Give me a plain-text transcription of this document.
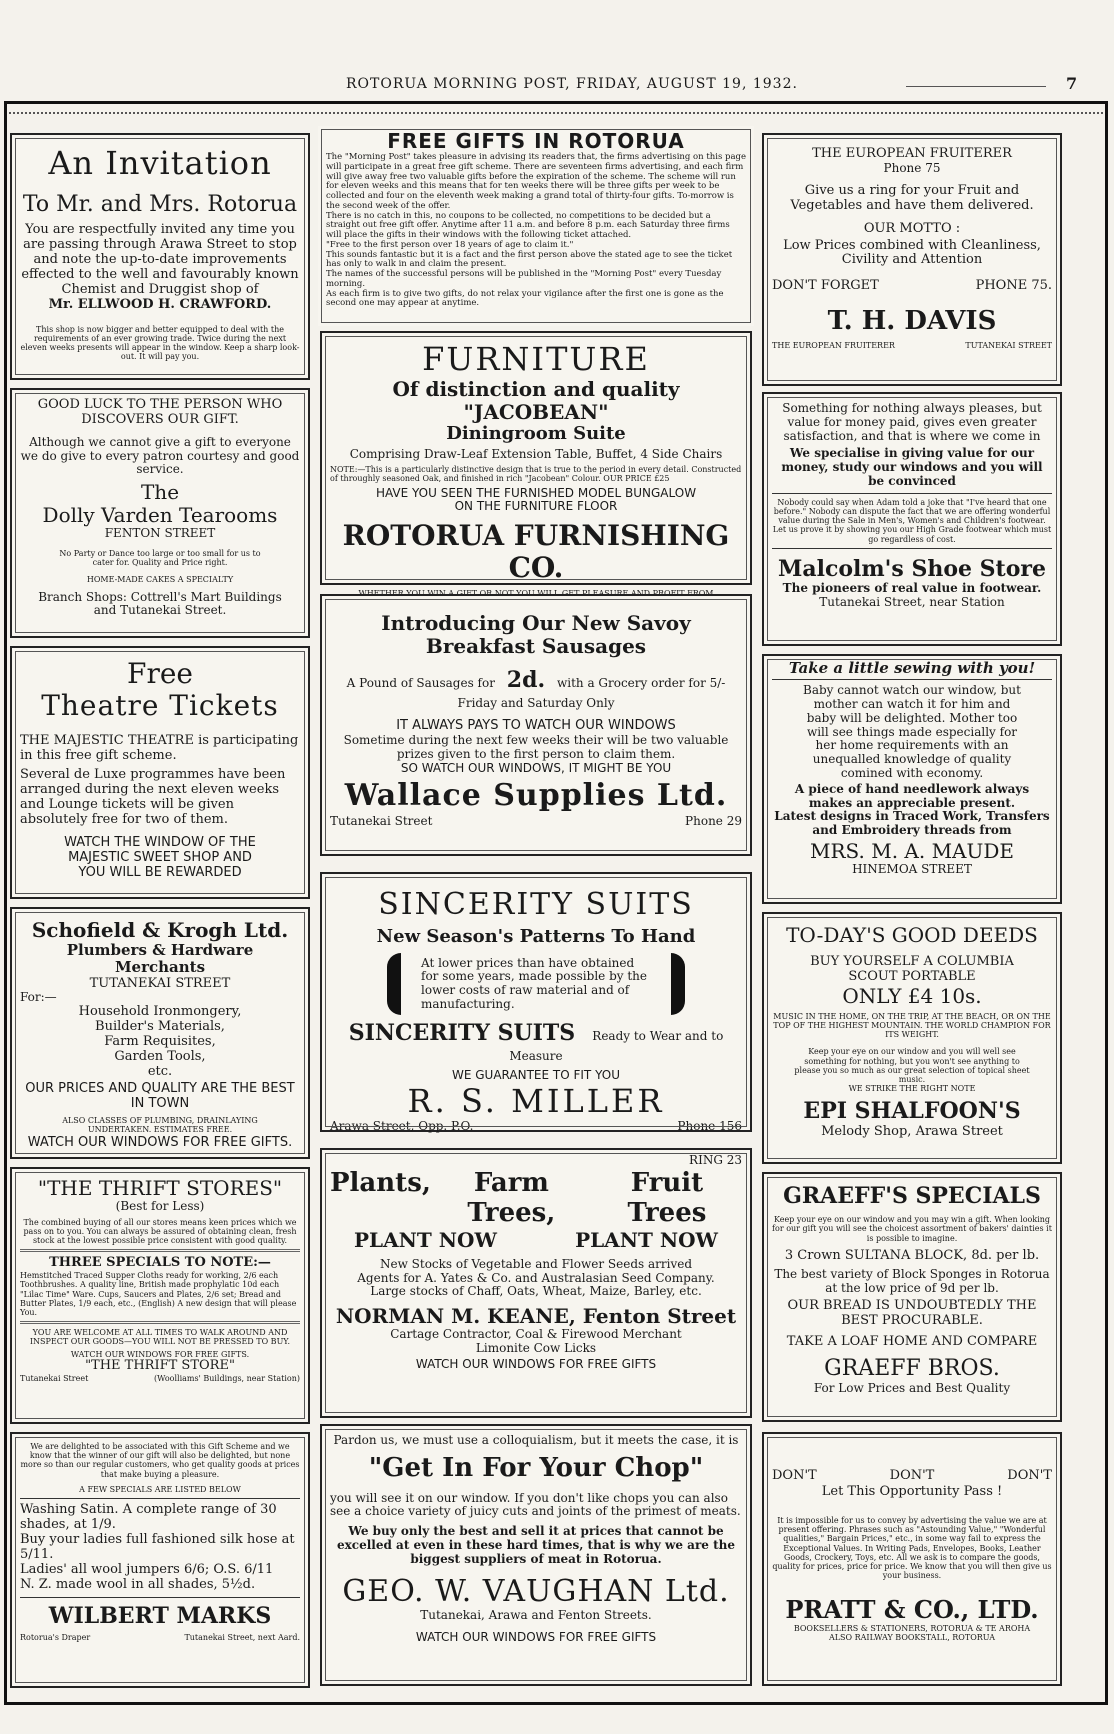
ROTORUA MORNING POST, FRIDAY, AUGUST 19, 1932.	7
An Invitation
To Mr. and Mrs. Rotorua
You are respectfully invited any time you are passing through Arawa Street to stop and note the up-to-date improvements effected to the well and favourably known Chemist and Druggist shop of
Mr. ELLWOOD H. CRAWFORD.
This shop is now bigger and better equipped to deal with the requirements of an ever growing trade. Twice during the next eleven weeks presents will appear in the window. Keep a sharp look-out. It will pay you.
GOOD LUCK TO THE PERSON WHO
DISCOVERS OUR GIFT.
Although we cannot give a gift to everyone we do give to every patron courtesy and good service.
The
Dolly Varden Tearooms
FENTON STREET
No Party or Dance too large or too small for us to cater for. Quality and Price right.
HOME-MADE CAKES A SPECIALTY
Branch Shops: Cottrell's Mart Buildings
and Tutanekai Street.
Free
Theatre Tickets
THE MAJESTIC THEATRE is participating in this free gift scheme.
Several de Luxe programmes have been arranged during the next eleven weeks and Lounge tickets will be given absolutely free for two of them.
WATCH THE WINDOW OF THE
MAJESTIC SWEET SHOP AND
YOU WILL BE REWARDED
Schofield & Krogh Ltd.
Plumbers & Hardware Merchants
TUTANEKAI STREET
For:—
Household Ironmongery,
Builder's Materials,
Farm Requisites,
Garden Tools,
etc.
OUR PRICES AND QUALITY ARE THE BEST IN TOWN
ALSO CLASSES OF PLUMBING, DRAINLAYING UNDERTAKEN. ESTIMATES FREE.
WATCH OUR WINDOWS FOR FREE GIFTS.
"THE THRIFT STORES"
(Best for Less)
The combined buying of all our stores means keen prices which we pass on to you. You can always be assured of obtaining clean, fresh stock at the lowest possible price consistent with good quality.
THREE SPECIALS TO NOTE:—
Hemstitched Traced Supper Cloths ready for working, 2/6 each Toothbrushes. A quality line, British made prophylatic 10d each "Lilac Time" Ware. Cups, Saucers and Plates, 2/6 set; Bread and Butter Plates, 1/9 each, etc., (English) A new design that will please You.
YOU ARE WELCOME AT ALL TIMES TO WALK AROUND AND INSPECT OUR GOODS—YOU WILL NOT BE PRESSED TO BUY.
WATCH OUR WINDOWS FOR FREE GIFTS.
"THE THRIFT STORE"
Tutanekai Street	(Woolliams' Buildings, near Station)
We are delighted to be associated with this Gift Scheme and we know that the winner of our gift will also be delighted, but none more so than our regular customers, who get quality goods at prices that make buying a pleasure.
A FEW SPECIALS ARE LISTED BELOW
Washing Satin. A complete range of 30 shades, at 1/9.
Buy your ladies full fashioned silk hose at 5/11.
Ladies' all wool jumpers 6/6; O.S. 6/11
N. Z. made wool in all shades, 5½d.
WILBERT MARKS
Rotorua's Draper	Tutanekai Street, next Aard.
FREE GIFTS IN ROTORUA
The "Morning Post" takes pleasure in advising its readers that, the firms advertising on this page will participate in a great free gift scheme. There are seventeen firms advertising, and each firm will give away free two valuable gifts before the expiration of the scheme. The scheme will run for eleven weeks and this means that for ten weeks there will be three gifts per week to be collected and four on the eleventh week making a grand total of thirty-four gifts. To-morrow is the second week of the offer.
There is no catch in this, no coupons to be collected, no competitions to be decided but a straight out free gift offer. Anytime after 11 a.m. and before 8 p.m. each Saturday three firms will place the gifts in their windows with the following ticket attached.
"Free to the first person over 18 years of age to claim it."
This sounds fantastic but it is a fact and the first person above the stated age to see the ticket has only to walk in and claim the present.
The names of the successful persons will be published in the "Morning Post" every Tuesday morning.
As each firm is to give two gifts, do not relax your vigilance after the first one is gone as the second one may appear at anytime.
FURNITURE
Of distinction and quality "JACOBEAN"
Diningroom Suite
Comprising Draw-Leaf Extension Table, Buffet, 4 Side Chairs
NOTE:—This is a particularly distinctive design that is true to the period in every detail. Constructed of throughly seasoned Oak, and finished in rich "Jacobean" Colour. OUR PRICE £25
HAVE YOU SEEN THE FURNISHED MODEL BUNGALOW
ON THE FURNITURE FLOOR
ROTORUA FURNISHING CO.
Introducing Our New Savoy
Breakfast Sausages
A Pound of Sausages for 2d. with a Grocery order for 5/-
Friday and Saturday Only
IT ALWAYS PAYS TO WATCH OUR WINDOWS
Sometime during the next few weeks their will be two valuable prizes given to the first person to claim them.
SO WATCH OUR WINDOWS, IT MIGHT BE YOU
Wallace Supplies Ltd.
Tutanekai Street	Phone 29
SINCERITY SUITS
New Season's Patterns To Hand
At lower prices than have obtained for some years, made possible by the lower costs of raw material and of manufacturing.
SINCERITY SUITS Ready to Wear and to Measure
WE GUARANTEE TO FIT YOU
R. S. MILLER
Arawa Street, Opp. P.O.	Phone 156
RING 23
Plants,	Farm Trees,
Fruit Trees
PLANT NOW	PLANT NOW
New Stocks of Vegetable and Flower Seeds arrived
Agents for A. Yates & Co. and Australasian Seed Company.
Large stocks of Chaff, Oats, Wheat, Maize, Barley, etc.
NORMAN M. KEANE, Fenton Street
Cartage Contractor, Coal & Firewood Merchant
Limonite Cow Licks
WATCH OUR WINDOWS FOR FREE GIFTS
Pardon us, we must use a colloquialism, but it meets the case, it is
"Get In For Your Chop"
you will see it on our window. If you don't like chops you can also see a choice variety of juicy cuts and joints of the primest of meats.
We buy only the best and sell it at prices that cannot be excelled at even in these hard times, that is why we are the biggest suppliers of meat in Rotorua.
GEO. W. VAUGHAN Ltd.
Tutanekai, Arawa and Fenton Streets.
WATCH OUR WINDOWS FOR FREE GIFTS
THE EUROPEAN FRUITERER
Phone 75
Give us a ring for your Fruit and Vegetables and have them delivered.
OUR MOTTO :
Low Prices combined with Cleanliness, Civility and Attention
DON'T FORGET	PHONE 75.
T. H. DAVIS
THE EUROPEAN FRUITERER	TUTANEKAI STREET
Something for nothing always pleases, but value for money paid, gives even greater satisfaction, and that is where we come in
We specialise in giving value for our money, study our windows and you will be convinced
Nobody could say when Adam told a joke that "I've heard that one before." Nobody can dispute the fact that we are offering wonderful value during the Sale in Men's, Women's and Children's footwear. Let us prove it by showing you our High Grade footwear which must go regardless of cost.
Malcolm's Shoe Store
The pioneers of real value in footwear.
Tutanekai Street, near Station
Take a little sewing with you!
Baby cannot watch our window, but mother can watch it for him and baby will be delighted. Mother too will see things made especially for her home requirements with an unequalled knowledge of quality comined with economy.
A piece of hand needlework always makes an appreciable present.
Latest designs in Traced Work, Transfers and Embroidery threads from
MRS. M. A. MAUDE
HINEMOA STREET
TO-DAY'S GOOD DEEDS
BUY YOURSELF A COLUMBIA
SCOUT PORTABLE
ONLY £4 10s.
MUSIC IN THE HOME, ON THE TRIP, AT THE BEACH, OR ON THE TOP OF THE HIGHEST MOUNTAIN. THE WORLD CHAMPION FOR ITS WEIGHT.
Keep your eye on our window and you will well see something for nothing, but you won't see anything to please you so much as our great selection of topical sheet music.
WE STRIKE THE RIGHT NOTE
EPI SHALFOON'S
Melody Shop, Arawa Street
GRAEFF'S SPECIALS
Keep your eye on our window and you may win a gift. When looking for our gift you will see the choicest assortment of bakers' dainties it is possible to imagine.
3 Crown SULTANA BLOCK, 8d. per lb.
The best variety of Block Sponges in Rotorua at the low price of 9d per lb.
OUR BREAD IS UNDOUBTEDLY THE BEST PROCURABLE.
TAKE A LOAF HOME AND COMPARE
GRAEFF BROS.
For Low Prices and Best Quality
DON'T	DON'T	DON'T
Let This Opportunity Pass !
It is impossible for us to convey by advertising the value we are at present offering. Phrases such as "Astounding Value," "Wonderful qualities," Bargain Prices," etc., in some way fail to express the Exceptional Values. In Writing Pads, Envelopes, Books, Leather Goods, Crockery, Toys, etc. All we ask is to compare the goods, quality for prices, price for price. We know that you will then give us your business.
PRATT & CO., LTD.
BOOKSELLERS & STATIONERS, ROTORUA & TE AROHA
ALSO RAILWAY BOOKSTALL, ROTORUA
